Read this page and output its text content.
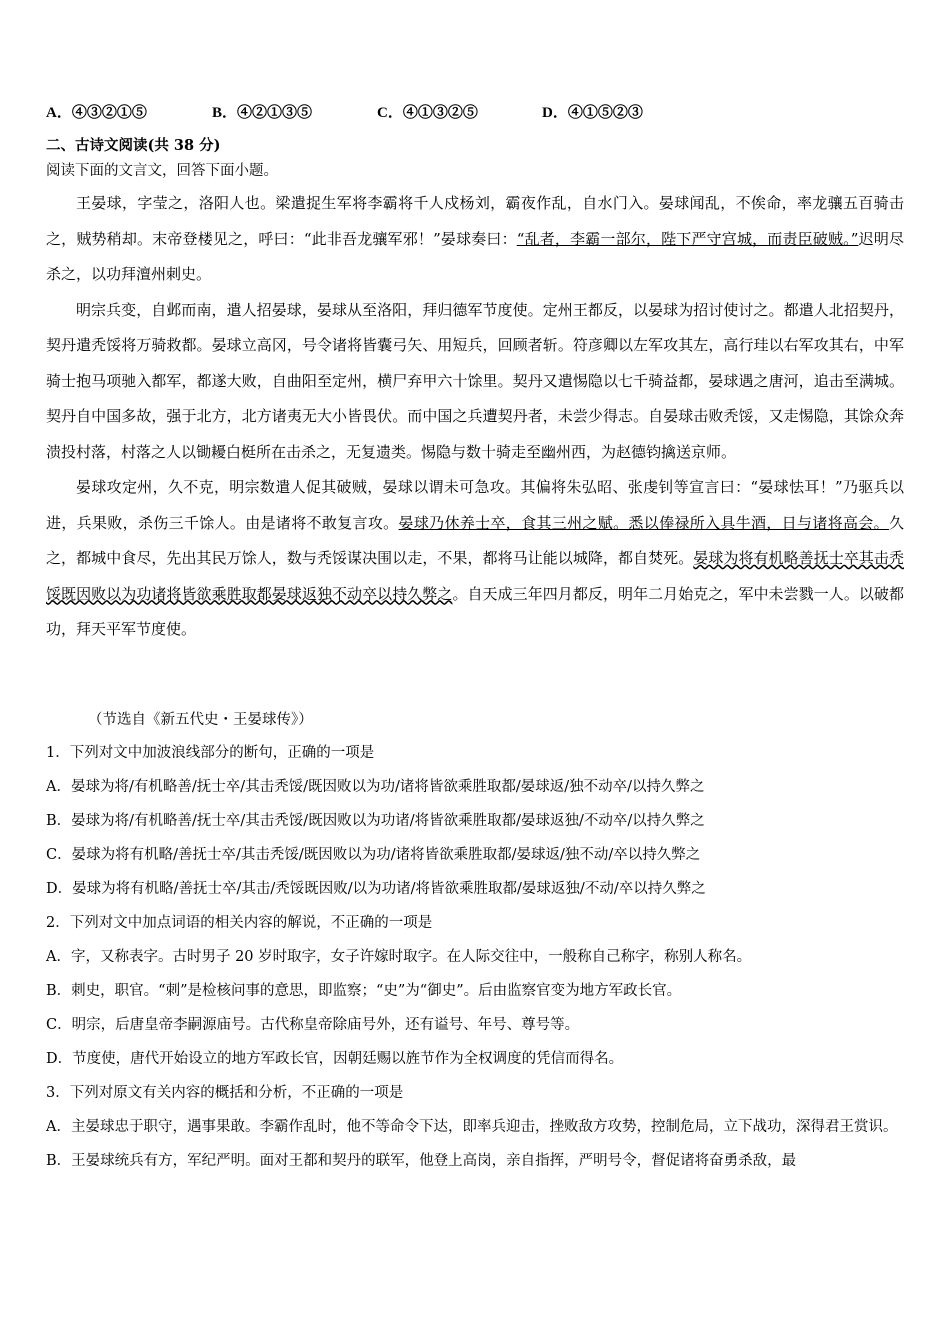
A．④③②①⑤	B．④②①③⑤	C．④①③②⑤	D．④①⑤②③
二、古诗文阅读(共 38 分)
阅读下面的文言文，回答下面小题。

王晏球，字莹之，洛阳人也。梁遣捉生军将李霸将千人戍杨刘，霸夜作乱，自水门入。晏球闻乱，不俟命，率龙骧五百骑击之，贼势稍却。末帝登楼见之，呼曰：“此非吾龙骧军邪！”晏球奏曰：“乱者，李霸一部尔，陛下严守宫城，而责臣破贼。”迟明尽杀之，以功拜澶州刺史。

明宗兵变，自邺而南，遣人招晏球，晏球从至洛阳，拜归德军节度使。定州王都反，以晏球为招讨使讨之。都遣人北招契丹，契丹遣秃馁将万骑救都。晏球立高冈，号令诸将皆囊弓矢、用短兵，回顾者斩。符彦卿以左军攻其左，高行珪以右军攻其右，中军骑士抱马项驰入都军，都遂大败，自曲阳至定州，横尸弃甲六十馀里。契丹又遣惕隐以七千骑益都，晏球遇之唐河，追击至满城。契丹自中国多故，强于北方，北方诸夷无大小皆畏伏。而中国之兵遭契丹者，未尝少得志。自晏球击败秃馁，又走惕隐，其馀众奔溃投村落，村落之人以锄耰白梃所在击杀之，无复遗类。惕隐与数十骑走至幽州西，为赵德钧擒送京师。

晏球攻定州，久不克，明宗数遣人促其破贼，晏球以谓未可急攻。其偏将朱弘昭、张虔钊等宣言曰：“晏球怯耳！”乃驱兵以进，兵果败，杀伤三千馀人。由是诸将不敢复言攻。晏球乃休养士卒，食其三州之赋。悉以俸禄所入具牛酒，日与诸将高会。久之，都城中食尽，先出其民万馀人，数与秃馁谋决围以走，不果，都将马让能以城降，都自焚死。晏球为将有机略善抚士卒其击秃馁既因败以为功诸将皆欲乘胜取都晏球返独不动卒以持久弊之。自天成三年四月都反，明年二月始克之，军中未尝戮一人。以破都功，拜天平军节度使。

（节选自《新五代史・王晏球传》）
1．下列对文中加波浪线部分的断句，正确的一项是
A．晏球为将/有机略善/抚士卒/其击秃馁/既因败以为功/诸将皆欲乘胜取都/晏球返/独不动卒/以持久弊之
B．晏球为将/有机略善/抚士卒/其击秃馁/既因败以为功诸/将皆欲乘胜取都/晏球返独/不动卒/以持久弊之
C．晏球为将有机略/善抚士卒/其击秃馁/既因败以为功/诸将皆欲乘胜取都/晏球返/独不动/卒以持久弊之
D．晏球为将有机略/善抚士卒/其击/秃馁既因败/以为功诸/将皆欲乘胜取都/晏球返独/不动/卒以持久弊之
2．下列对文中加点词语的相关内容的解说，不正确的一项是
A．字，又称表字。古时男子 20 岁时取字，女子许嫁时取字。在人际交往中，一般称自己称字，称别人称名。
B．刺史，职官。“刺”是检核问事的意思，即监察；“史”为“御史”。后由监察官变为地方军政长官。
C．明宗，后唐皇帝李嗣源庙号。古代称皇帝除庙号外，还有谥号、年号、尊号等。
D．节度使，唐代开始设立的地方军政长官，因朝廷赐以旌节作为全权调度的凭信而得名。
3．下列对原文有关内容的概括和分析，不正确的一项是
A．主晏球忠于职守，遇事果敢。李霸作乱时，他不等命令下达，即率兵迎击，挫败敌方攻势，控制危局，立下战功，深得君王赏识。
B．王晏球统兵有方，军纪严明。面对王都和契丹的联军，他登上高岗，亲自指挥，严明号令，督促诸将奋勇杀敌，最
